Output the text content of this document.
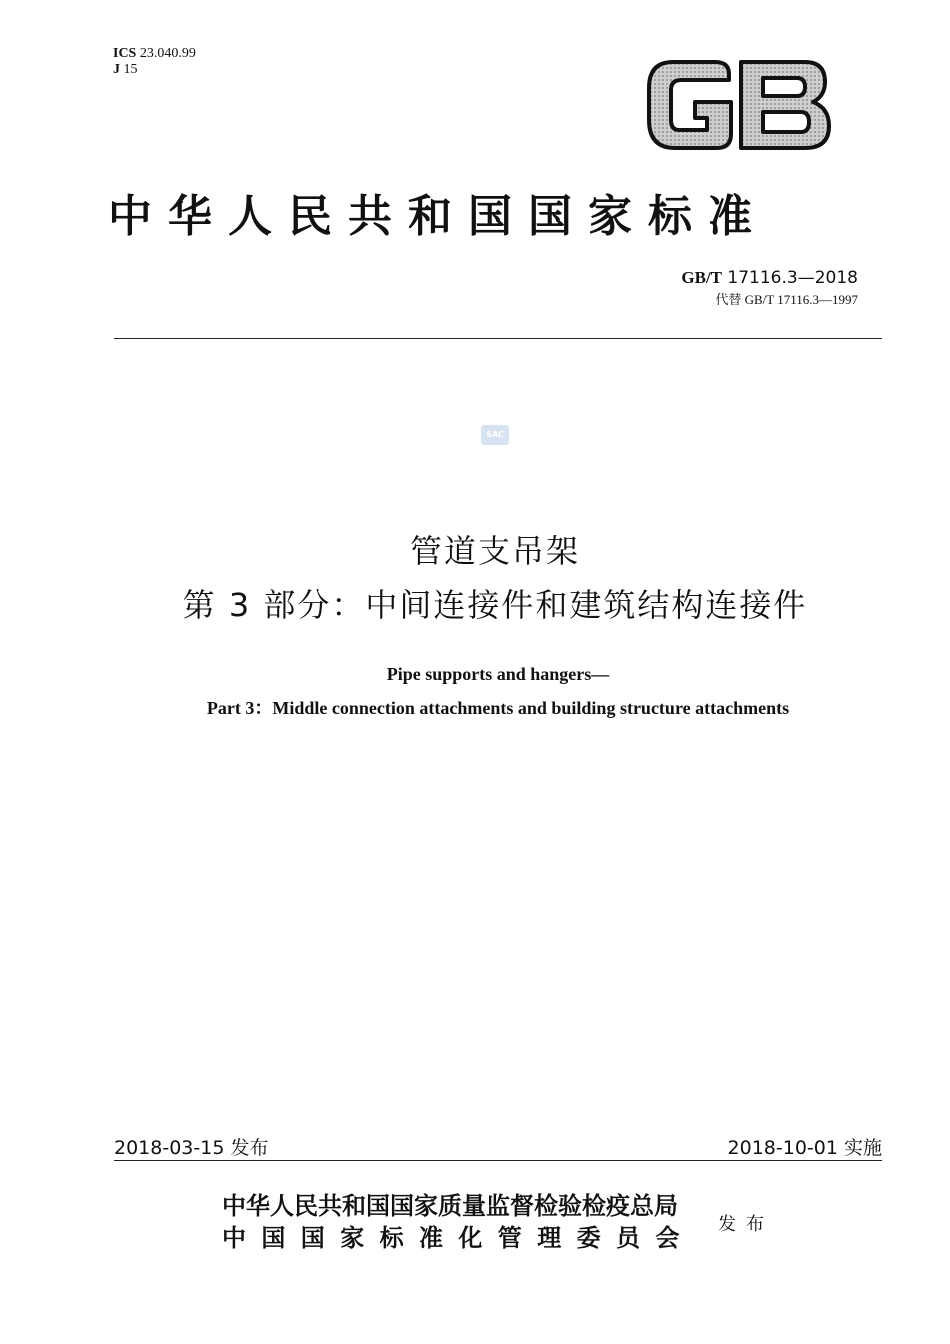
ICS 23.040.99
J 15
中华人民共和国国家标准
GB/T 17116.3—2018
代替 GB/T 17116.3—1997
SAC
管道支吊架
第 3 部分：中间连接件和建筑结构连接件
Pipe supports and hangers—
Part 3：Middle connection attachments and building structure attachments
2018-03-15 发布	2018-10-01 实施
中华人民共和国国家质量监督检验检疫总局
中国国家标准化管理委员会 发布
